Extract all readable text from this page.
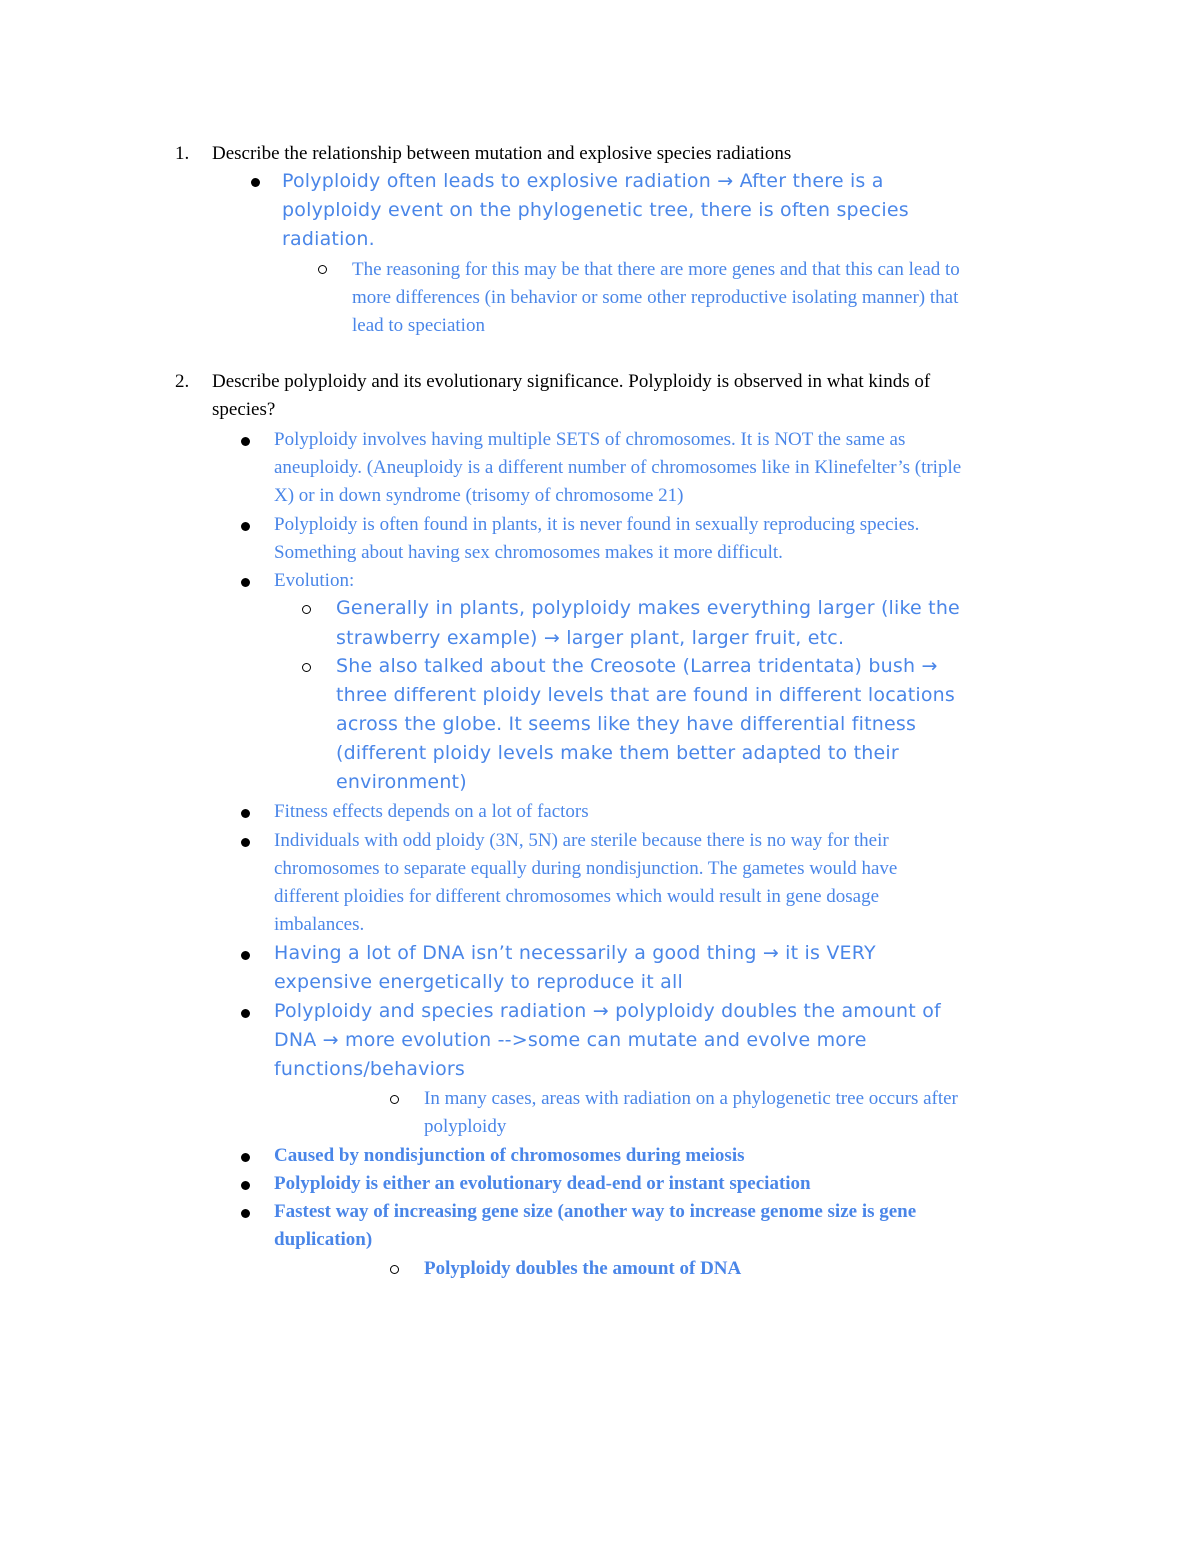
1. Describe the relationship between mutation and explosive species radiations
Polyploidy often leads to explosive radiation → After there is a
polyploidy event on the phylogenetic tree, there is often species
radiation.
The reasoning for this may be that there are more genes and that this can lead to
more differences (in behavior or some other reproductive isolating manner) that
lead to speciation
2. Describe polyploidy and its evolutionary significance. Polyploidy is observed in what kinds of
species?
Polyploidy involves having multiple SETS of chromosomes. It is NOT the same as
aneuploidy. (Aneuploidy is a different number of chromosomes like in Klinefelter’s (triple
X) or in down syndrome (trisomy of chromosome 21)
Polyploidy is often found in plants, it is never found in sexually reproducing species.
Something about having sex chromosomes makes it more difficult.
Evolution:
Generally in plants, polyploidy makes everything larger (like the
strawberry example) → larger plant, larger fruit, etc.
She also talked about the Creosote (Larrea tridentata) bush →
three different ploidy levels that are found in different locations
across the globe. It seems like they have differential fitness
(different ploidy levels make them better adapted to their
environment)
Fitness effects depends on a lot of factors
Individuals with odd ploidy (3N, 5N) are sterile because there is no way for their
chromosomes to separate equally during nondisjunction. The gametes would have
different ploidies for different chromosomes which would result in gene dosage
imbalances.
Having a lot of DNA isn’t necessarily a good thing → it is VERY
expensive energetically to reproduce it all
Polyploidy and species radiation → polyploidy doubles the amount of
DNA → more evolution -->some can mutate and evolve more
functions/behaviors
In many cases, areas with radiation on a phylogenetic tree occurs after
polyploidy
Caused by nondisjunction of chromosomes during meiosis
Polyploidy is either an evolutionary dead-end or instant speciation
Fastest way of increasing gene size (another way to increase genome size is gene
duplication)
Polyploidy doubles the amount of DNA
